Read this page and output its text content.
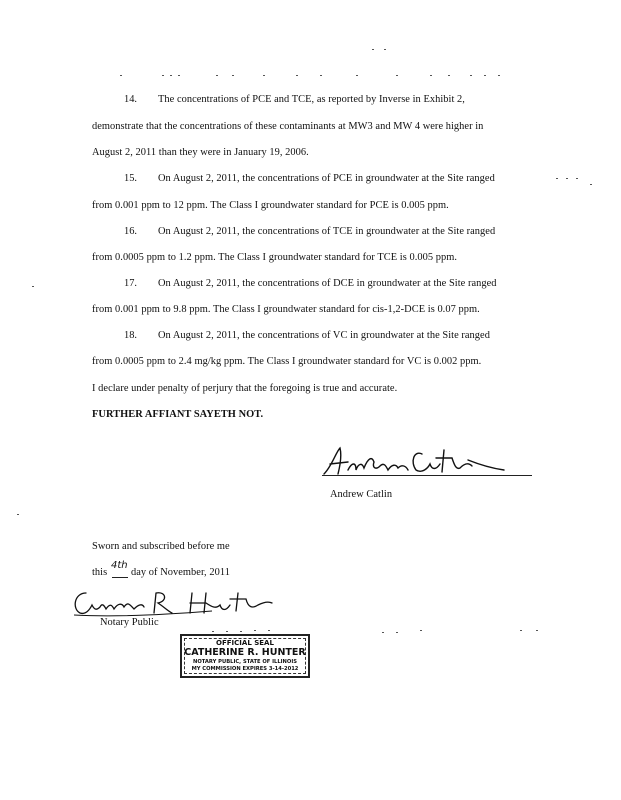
14. The concentrations of PCE and TCE, as reported by Inverse in Exhibit 2,
demonstrate that the concentrations of these contaminants at MW3 and MW 4 were higher in
August 2, 2011 than they were in January 19, 2006.
15. On August 2, 2011, the concentrations of PCE in groundwater at the Site ranged
from 0.001 ppm to 12 ppm. The Class I groundwater standard for PCE is 0.005 ppm.
16. On August 2, 2011, the concentrations of TCE in groundwater at the Site ranged
from 0.0005 ppm to 1.2 ppm. The Class I groundwater standard for TCE is 0.005 ppm.
17. On August 2, 2011, the concentrations of DCE in groundwater at the Site ranged
from 0.001 ppm to 9.8 ppm. The Class I groundwater standard for cis-1,2-DCE is 0.07 ppm.
18. On August 2, 2011, the concentrations of VC in groundwater at the Site ranged
from 0.0005 ppm to 2.4 mg/kg ppm. The Class I groundwater standard for VC is 0.002 ppm.
I declare under penalty of perjury that the foregoing is true and accurate.
FURTHER AFFIANT SAYETH NOT.
Andrew Catlin
Sworn and subscribed before me
this
4th
day of November, 2011
Notary Public
OFFICIAL SEAL
CATHERINE R. HUNTER
NOTARY PUBLIC, STATE OF ILLINOIS
MY COMMISSION EXPIRES 3-14-2012
